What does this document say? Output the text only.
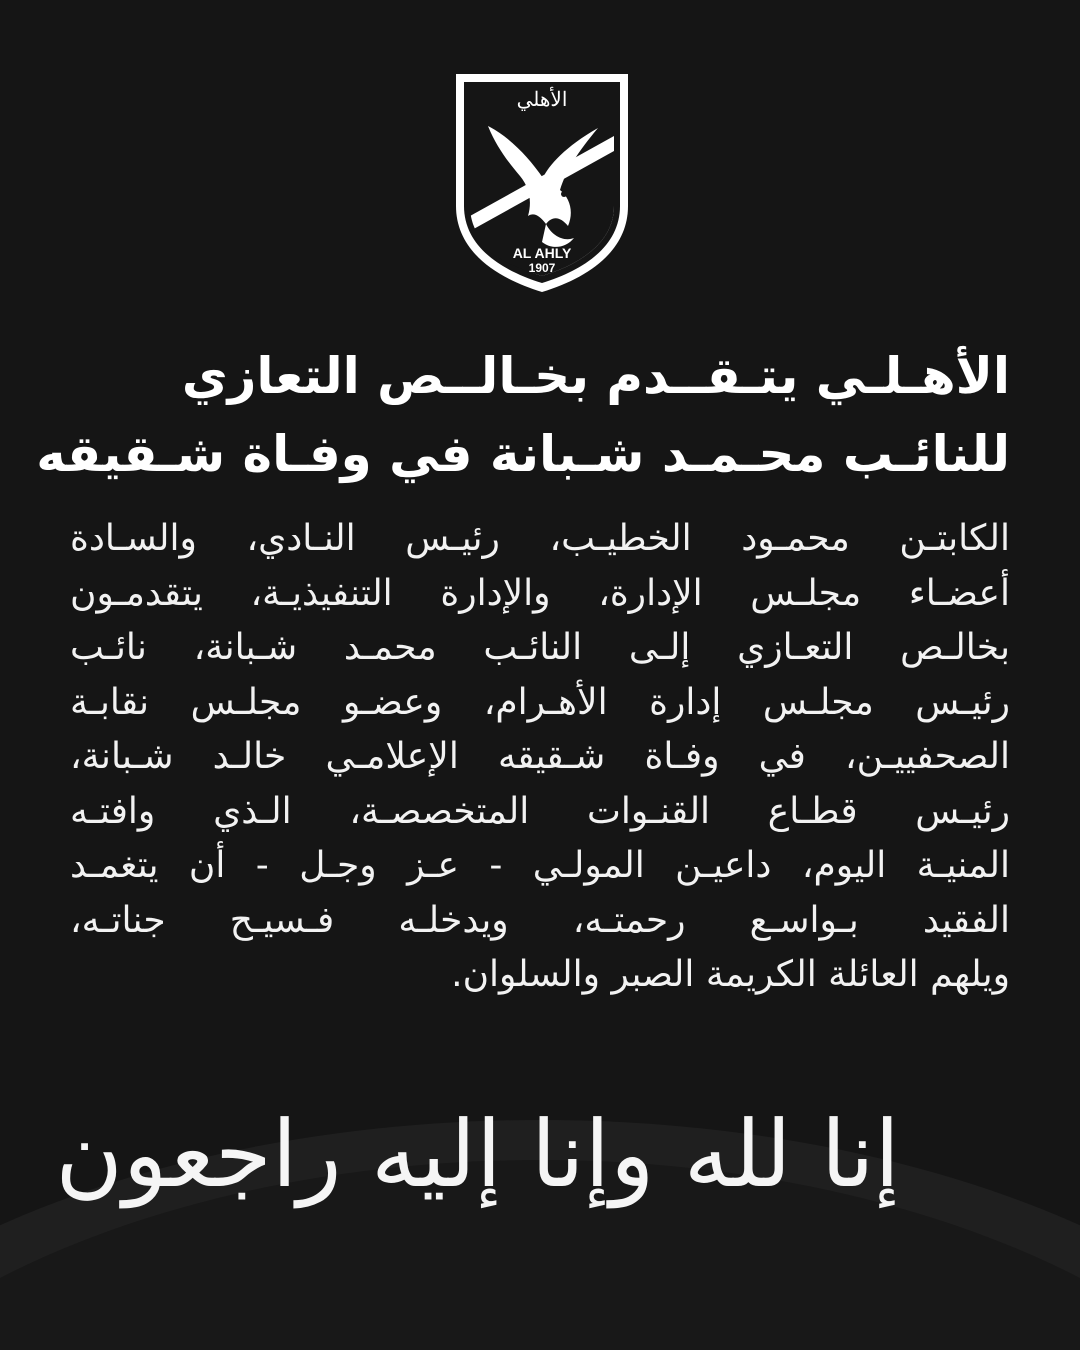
الأهلي
AL AHLY
1907
الأهـلـي يتـقــدم بخـالــص التعازي
للنائـب محـمـد شـبانة في وفـاة شـقيقه
الكابتـن محمـود الخطيـب، رئيـس النـادي، والسـادة
أعضـاء مجلـس الإدارة، والإدارة التنفيذيـة، يتقدمـون
بخالـص التعـازي إلـى النائـب محمـد شـبانة، نائـب
رئيـس مجلـس إدارة الأهـرام، وعضـو مجلـس نقابـة
الصحفييـن، في وفـاة شـقيقه الإعلامـي خالـد شـبانة،
رئيـس قطـاع القنـوات المتخصصـة، الـذي وافتـه
المنيـة اليوم، داعيـن المولـي - عـز وجـل - أن يتغمـد
الفقيد بـواسـع رحمتـه، ويدخلـه فـسيـح جناتـه،
ويلهم العائلة الكريمة الصبر والسلوان.
إنا لله وإنا إليه راجعون
